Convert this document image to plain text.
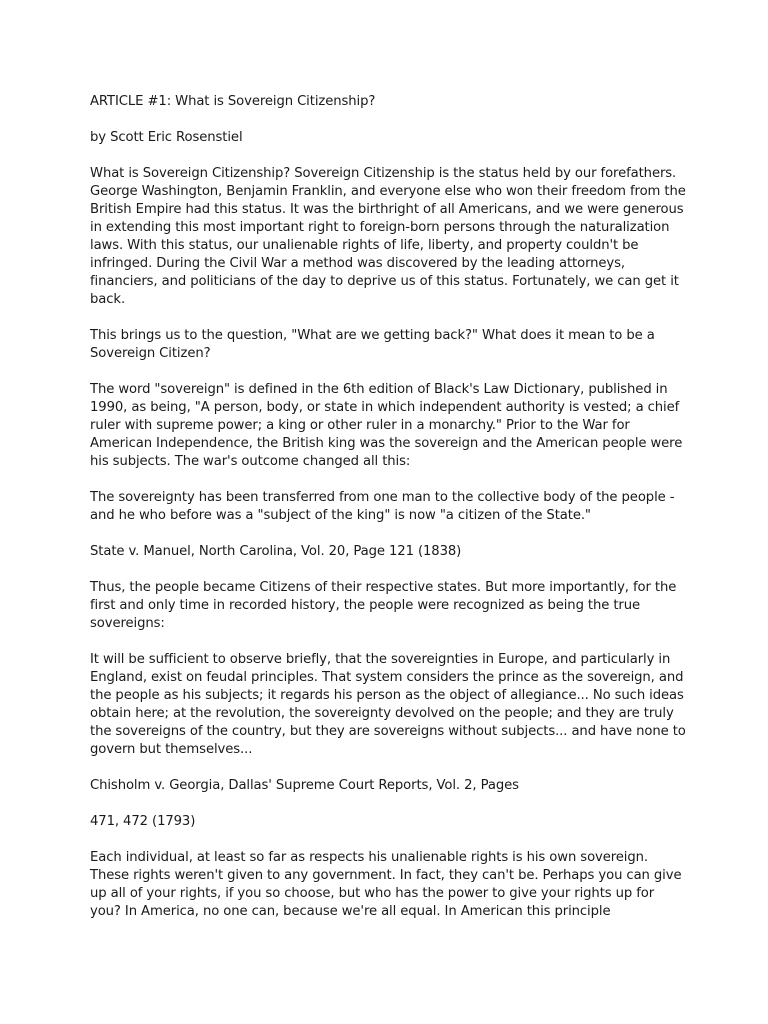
ARTICLE #1: What is Sovereign Citizenship?

by Scott Eric Rosenstiel

What is Sovereign Citizenship? Sovereign Citizenship is the status held by our forefathers. George Washington, Benjamin Franklin, and everyone else who won their freedom from the British Empire had this status. It was the birthright of all Americans, and we were generous in extending this most important right to foreign-born persons through the naturalization laws. With this status, our unalienable rights of life, liberty, and property couldn't be infringed. During the Civil War a method was discovered by the leading attorneys, financiers, and politicians of the day to deprive us of this status. Fortunately, we can get it back.

This brings us to the question, "What are we getting back?" What does it mean to be a Sovereign Citizen?

The word "sovereign" is defined in the 6th edition of Black's Law Dictionary, published in 1990, as being, "A person, body, or state in which independent authority is vested; a chief ruler with supreme power; a king or other ruler in a monarchy." Prior to the War for American Independence, the British king was the sovereign and the American people were his subjects. The war's outcome changed all this:

The sovereignty has been transferred from one man to the collective body of the people - and he who before was a "subject of the king" is now "a citizen of the State."

State v. Manuel, North Carolina, Vol. 20, Page 121 (1838)

Thus, the people became Citizens of their respective states. But more importantly, for the first and only time in recorded history, the people were recognized as being the true sovereigns:

It will be sufficient to observe briefly, that the sovereignties in Europe, and particularly in England, exist on feudal principles. That system considers the prince as the sovereign, and the people as his subjects; it regards his person as the object of allegiance... No such ideas obtain here; at the revolution, the sovereignty devolved on the people; and they are truly the sovereigns of the country, but they are sovereigns without subjects... and have none to govern but themselves...

Chisholm v. Georgia, Dallas' Supreme Court Reports, Vol. 2, Pages

471, 472 (1793)

Each individual, at least so far as respects his unalienable rights is his own sovereign. These rights weren't given to any government. In fact, they can't be. Perhaps you can give up all of your rights, if you so choose, but who has the power to give your rights up for you? In America, no one can, because we're all equal. In American this principle
